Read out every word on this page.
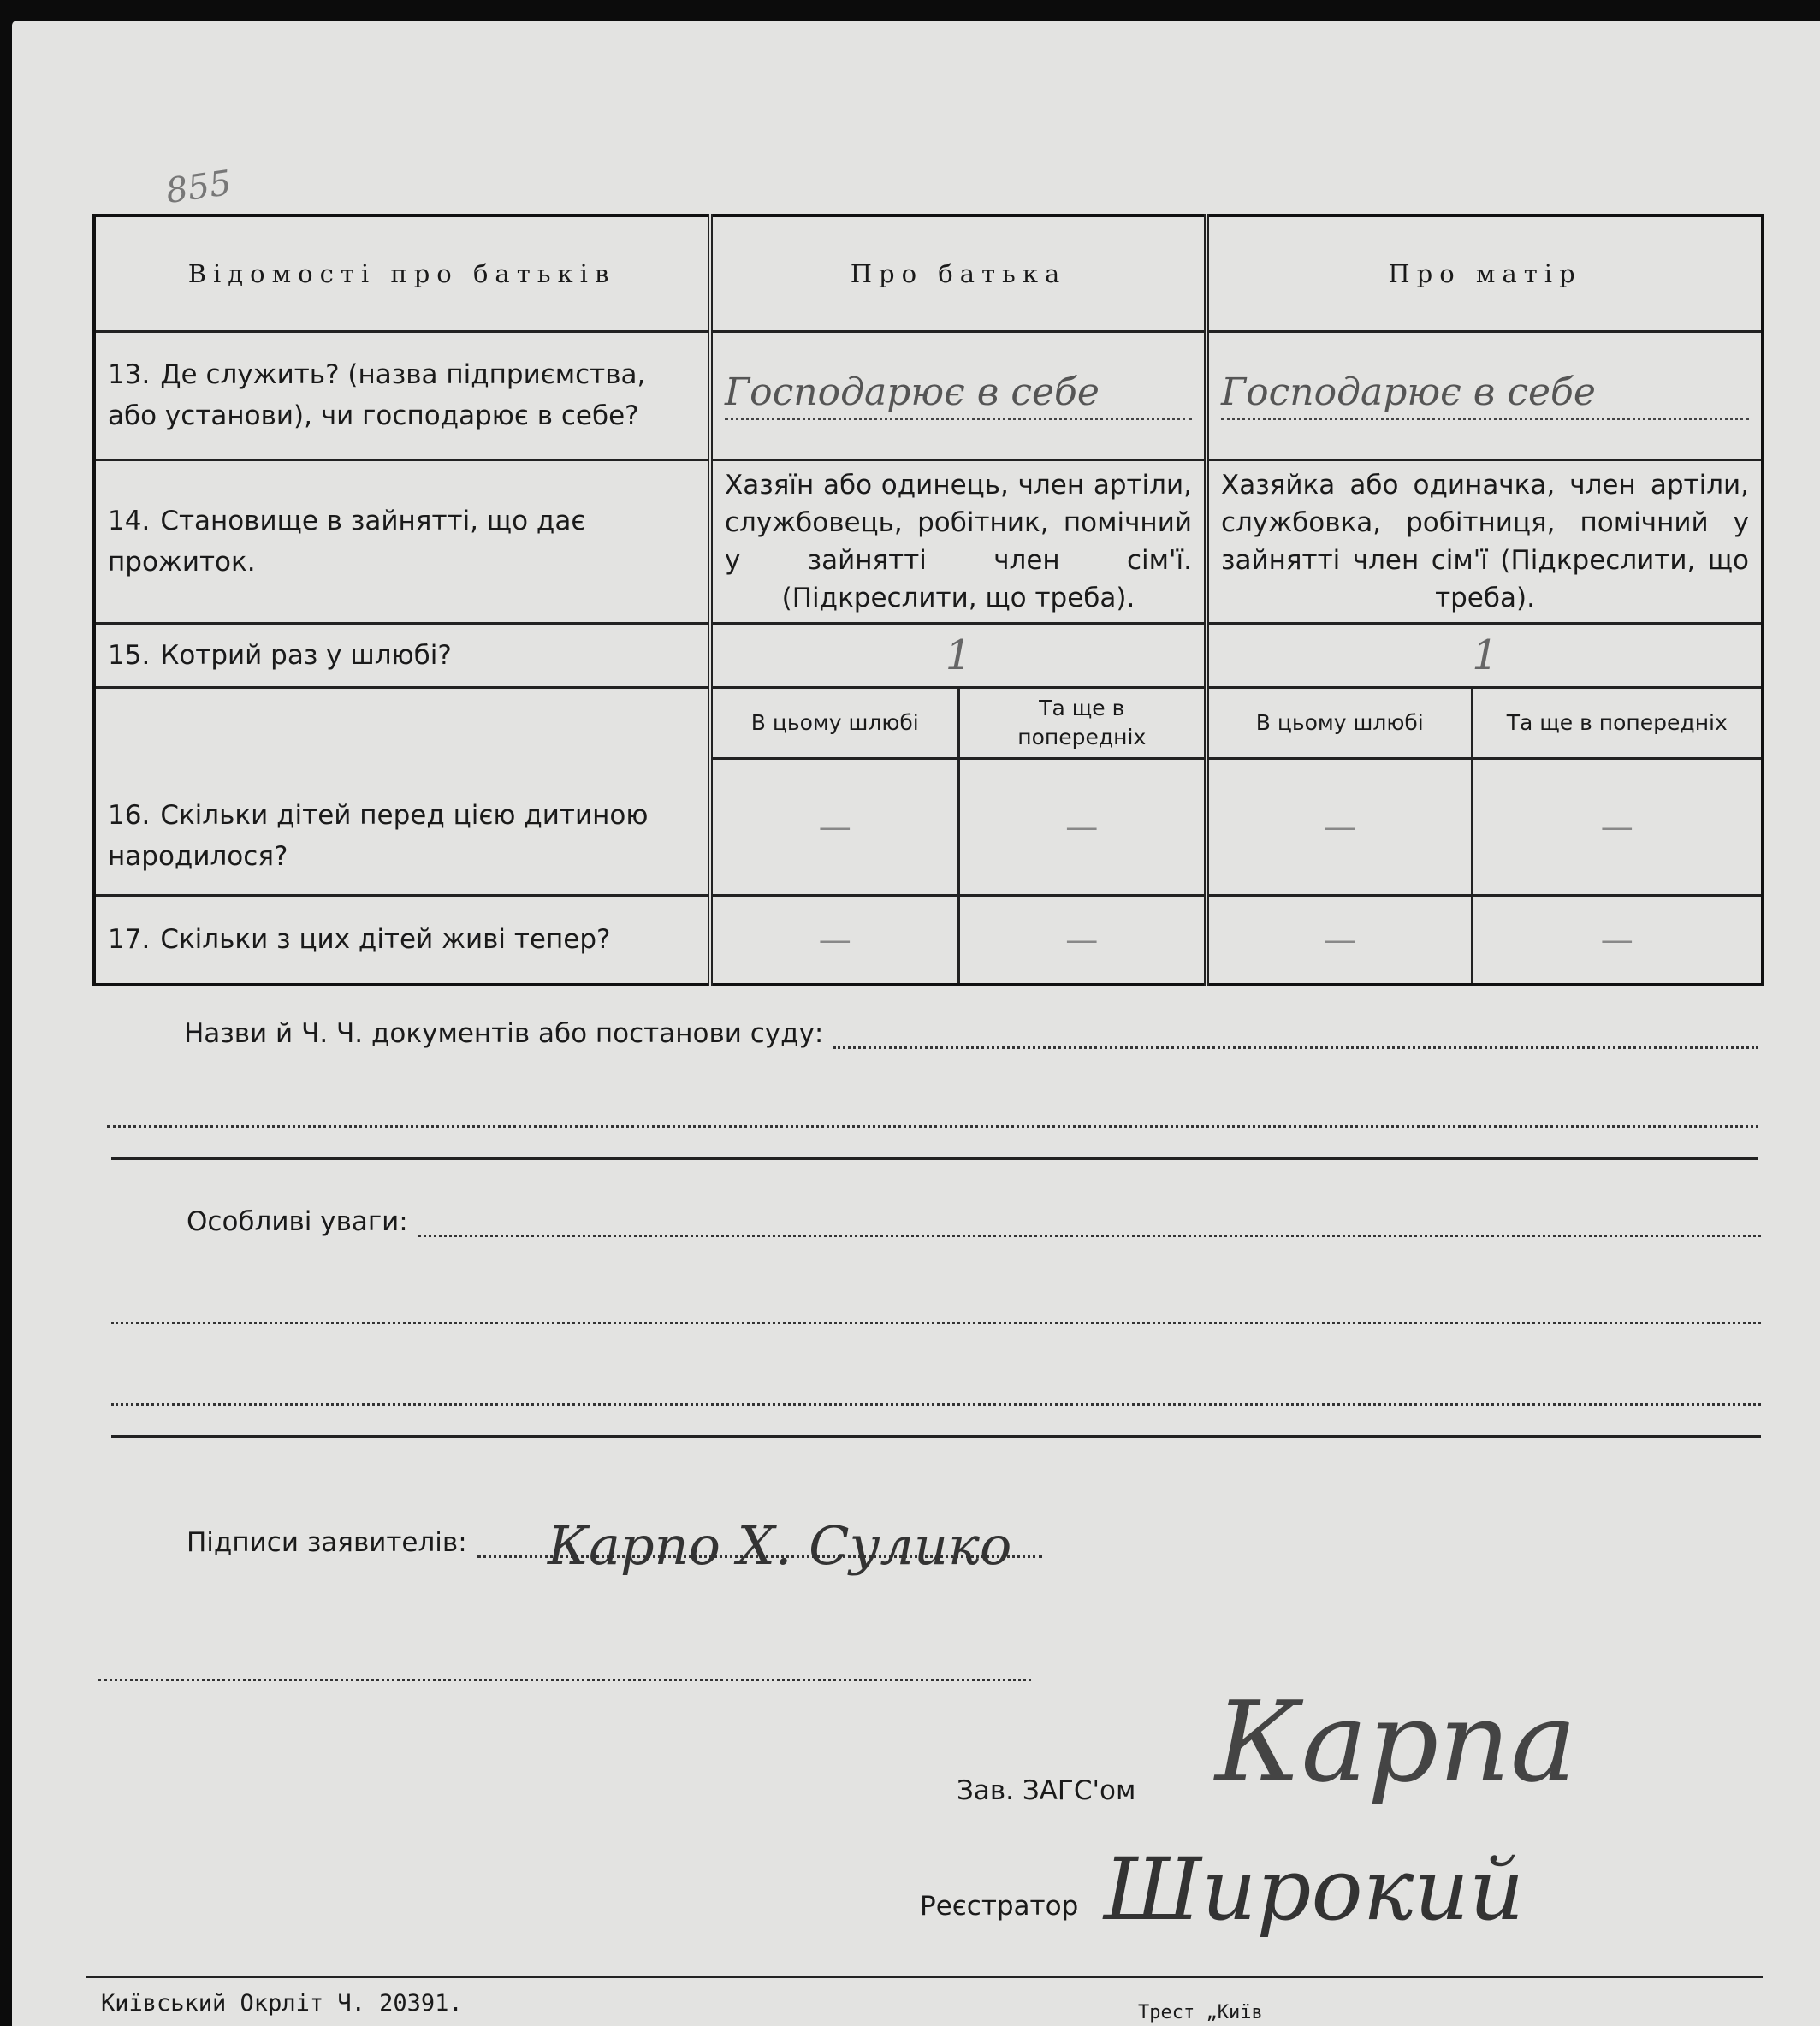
855
Відомості про батьків	Про батька		Про матір	
13. Де служить? (назва підприємства, або установи), чи господарює в себе?	Господарює в себе		Господарює в себе	

14. Становище в зайнятті, що дає прожиток.	Хазяїн або одинець, член артіли, службовець, робітник, помічний у зайнятті член сім'ї. (Підкреслити, що треба).		Хазяйка або одиначка, член артіли, службовка, робітниця, помічний у зайнятті член сім'ї (Підкреслити, що треба).	
15. Котрий раз у шлюбі?	1		1	
16. Скільки дітей перед цією дитиною народилося?	В цьому шлюбі	Та ще в попередніх	В цьому шлюбі	Та ще в попередніх
	—	—	—	—
17. Скільки з цих дітей живі тепер?	—	—	—	—
Назви й Ч. Ч. документів або постанови суду:
Особливі уваги:
Підписи заявителів: Карпо Х. Сулико
Зав. ЗАГС'ом Карпа
Реєстратор Широкий
Київський Окрліт Ч. 20391.	Трест „Київ
